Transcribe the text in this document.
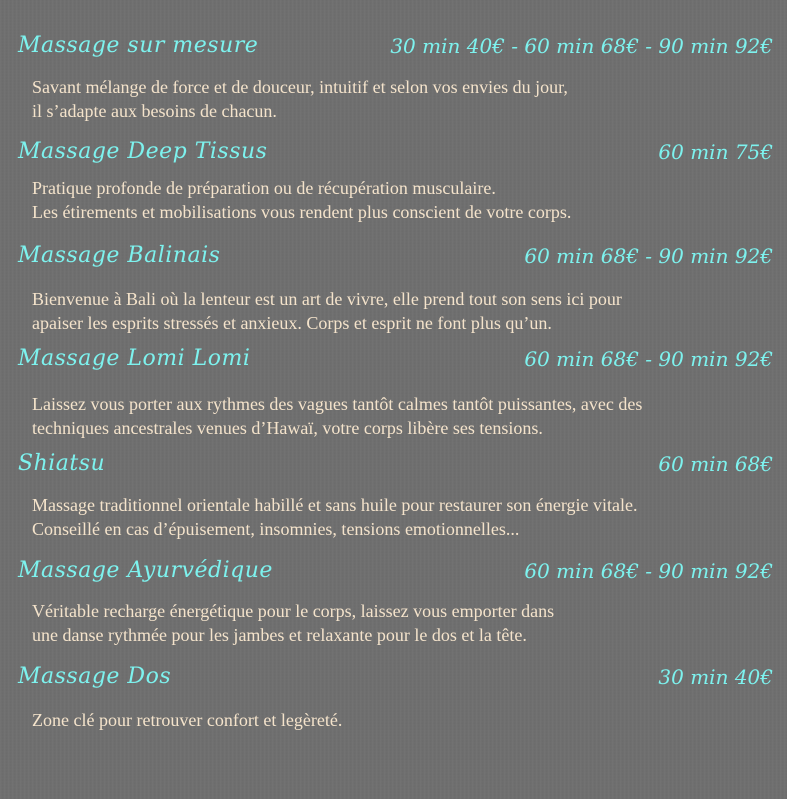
Massage sur mesure	30 min 40€ - 60 min 68€ - 90 min 92€
Savant mélange de force et de douceur, intuitif et selon vos envies du jour,
il s’adapte aux besoins de chacun.
Massage Deep Tissus	60 min 75€
Pratique profonde de préparation ou de récupération musculaire.
Les étirements et mobilisations vous rendent plus conscient de votre corps.
Massage Balinais	60 min 68€ - 90 min 92€
Bienvenue à Bali où la lenteur est un art de vivre, elle prend tout son sens ici pour
apaiser les esprits stressés et anxieux. Corps et esprit ne font plus qu’un.
Massage Lomi Lomi	60 min 68€ - 90 min 92€
Laissez vous porter aux rythmes des vagues tantôt calmes tantôt puissantes, avec des
techniques ancestrales venues d’Hawaï, votre corps libère ses tensions.
Shiatsu	60 min 68€
Massage traditionnel orientale habillé et sans huile pour restaurer son énergie vitale.
Conseillé en cas d’épuisement, insomnies, tensions emotionnelles...
Massage Ayurvédique	60 min 68€ - 90 min 92€
Véritable recharge énergétique pour le corps, laissez vous emporter dans
une danse rythmée pour les jambes et relaxante pour le dos et la tête.
Massage Dos	30 min 40€
Zone clé pour retrouver confort et legèreté.
